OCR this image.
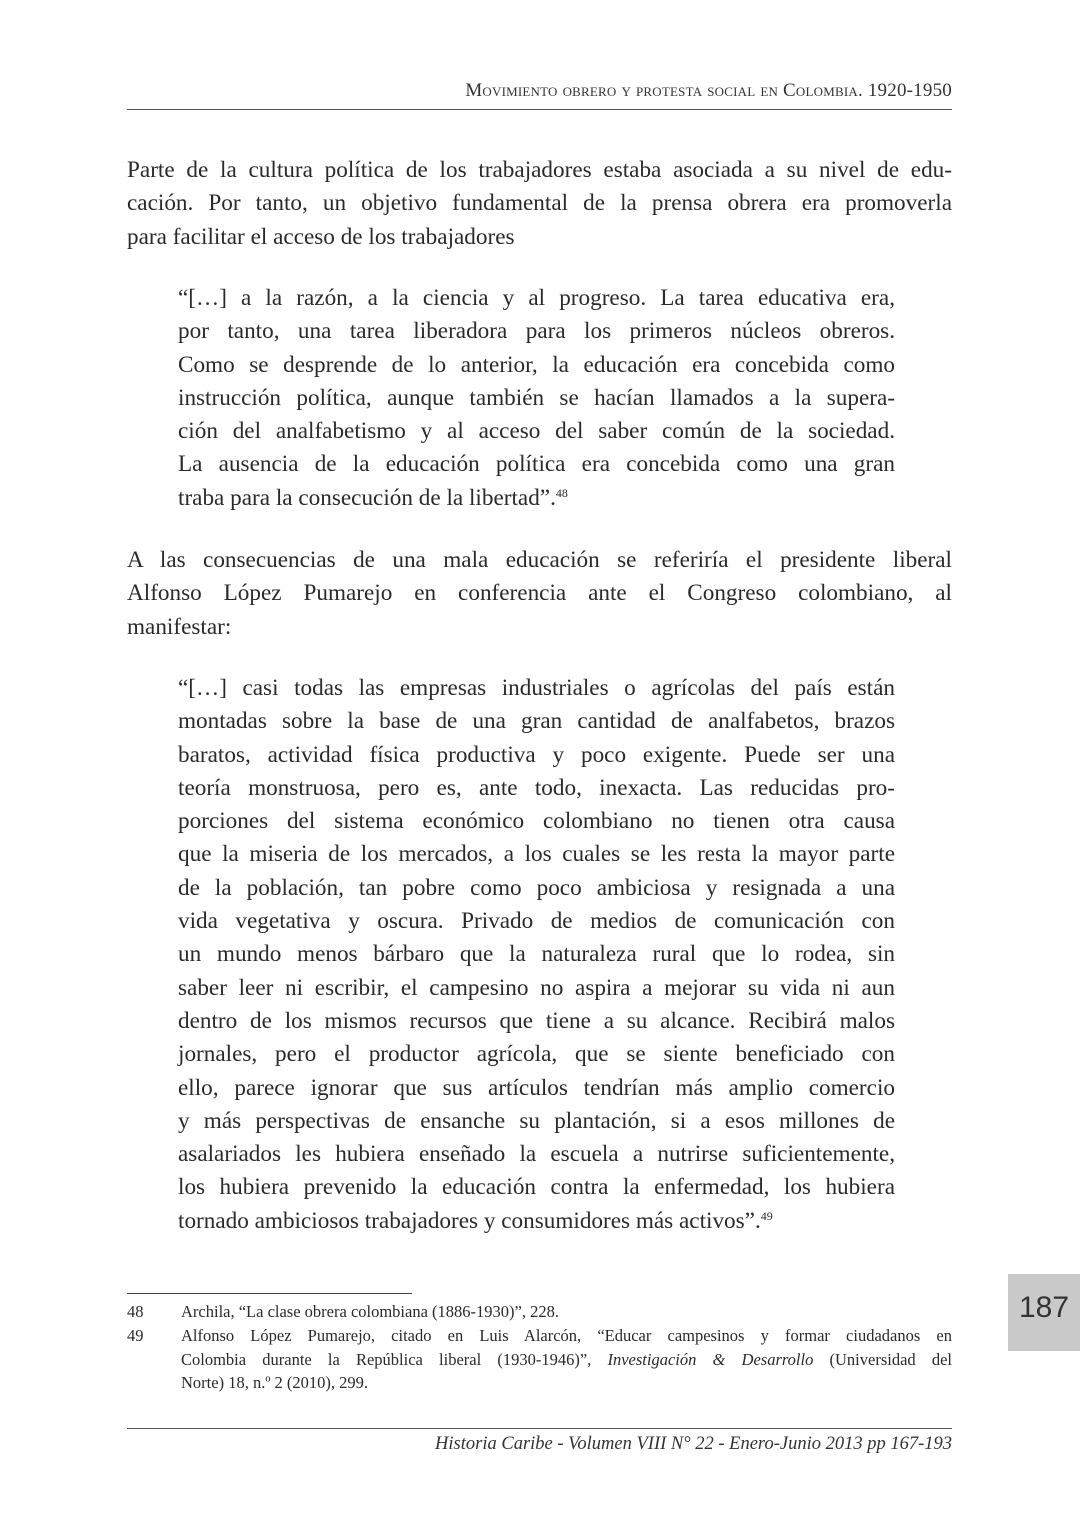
Movimiento obrero y protesta social en Colombia. 1920-1950
Parte de la cultura política de los trabajadores estaba asociada a su nivel de edu-
cación. Por tanto, un objetivo fundamental de la prensa obrera era promoverla
para facilitar el acceso de los trabajadores
“[…] a la razón, a la ciencia y al progreso. La tarea educativa era,
por tanto, una tarea liberadora para los primeros núcleos obreros.
Como se desprende de lo anterior, la educación era concebida como
instrucción política, aunque también se hacían llamados a la supera-
ción del analfabetismo y al acceso del saber común de la sociedad.
La ausencia de la educación política era concebida como una gran
traba para la consecución de la libertad”.$^{48}$
A las consecuencias de una mala educación se referiría el presidente liberal
Alfonso López Pumarejo en conferencia ante el Congreso colombiano, al
manifestar:
“[…] casi todas las empresas industriales o agrícolas del país están
montadas sobre la base de una gran cantidad de analfabetos, brazos
baratos, actividad física productiva y poco exigente. Puede ser una
teoría monstruosa, pero es, ante todo, inexacta. Las reducidas pro-
porciones del sistema económico colombiano no tienen otra causa
que la miseria de los mercados, a los cuales se les resta la mayor parte
de la población, tan pobre como poco ambiciosa y resignada a una
vida vegetativa y oscura. Privado de medios de comunicación con
un mundo menos bárbaro que la naturaleza rural que lo rodea, sin
saber leer ni escribir, el campesino no aspira a mejorar su vida ni aun
dentro de los mismos recursos que tiene a su alcance. Recibirá malos
jornales, pero el productor agrícola, que se siente beneficiado con
ello, parece ignorar que sus artículos tendrían más amplio comercio
y más perspectivas de ensanche su plantación, si a esos millones de
asalariados les hubiera enseñado la escuela a nutrirse suficientemente,
los hubiera prevenido la educación contra la enfermedad, los hubiera
tornado ambiciosos trabajadores y consumidores más activos”.$^{49}$
48 Archila, “La clase obrera colombiana (1886-1930)”, 228.
49 Alfonso López Pumarejo, citado en Luis Alarcón, “Educar campesinos y formar ciudadanos en
Colombia durante la República liberal (1930-1946)”, Investigación & Desarrollo (Universidad del
Norte) 18, n.º 2 (2010), 299.
187
Historia Caribe - Volumen VIII N° 22 - Enero-Junio 2013 pp 167-193
